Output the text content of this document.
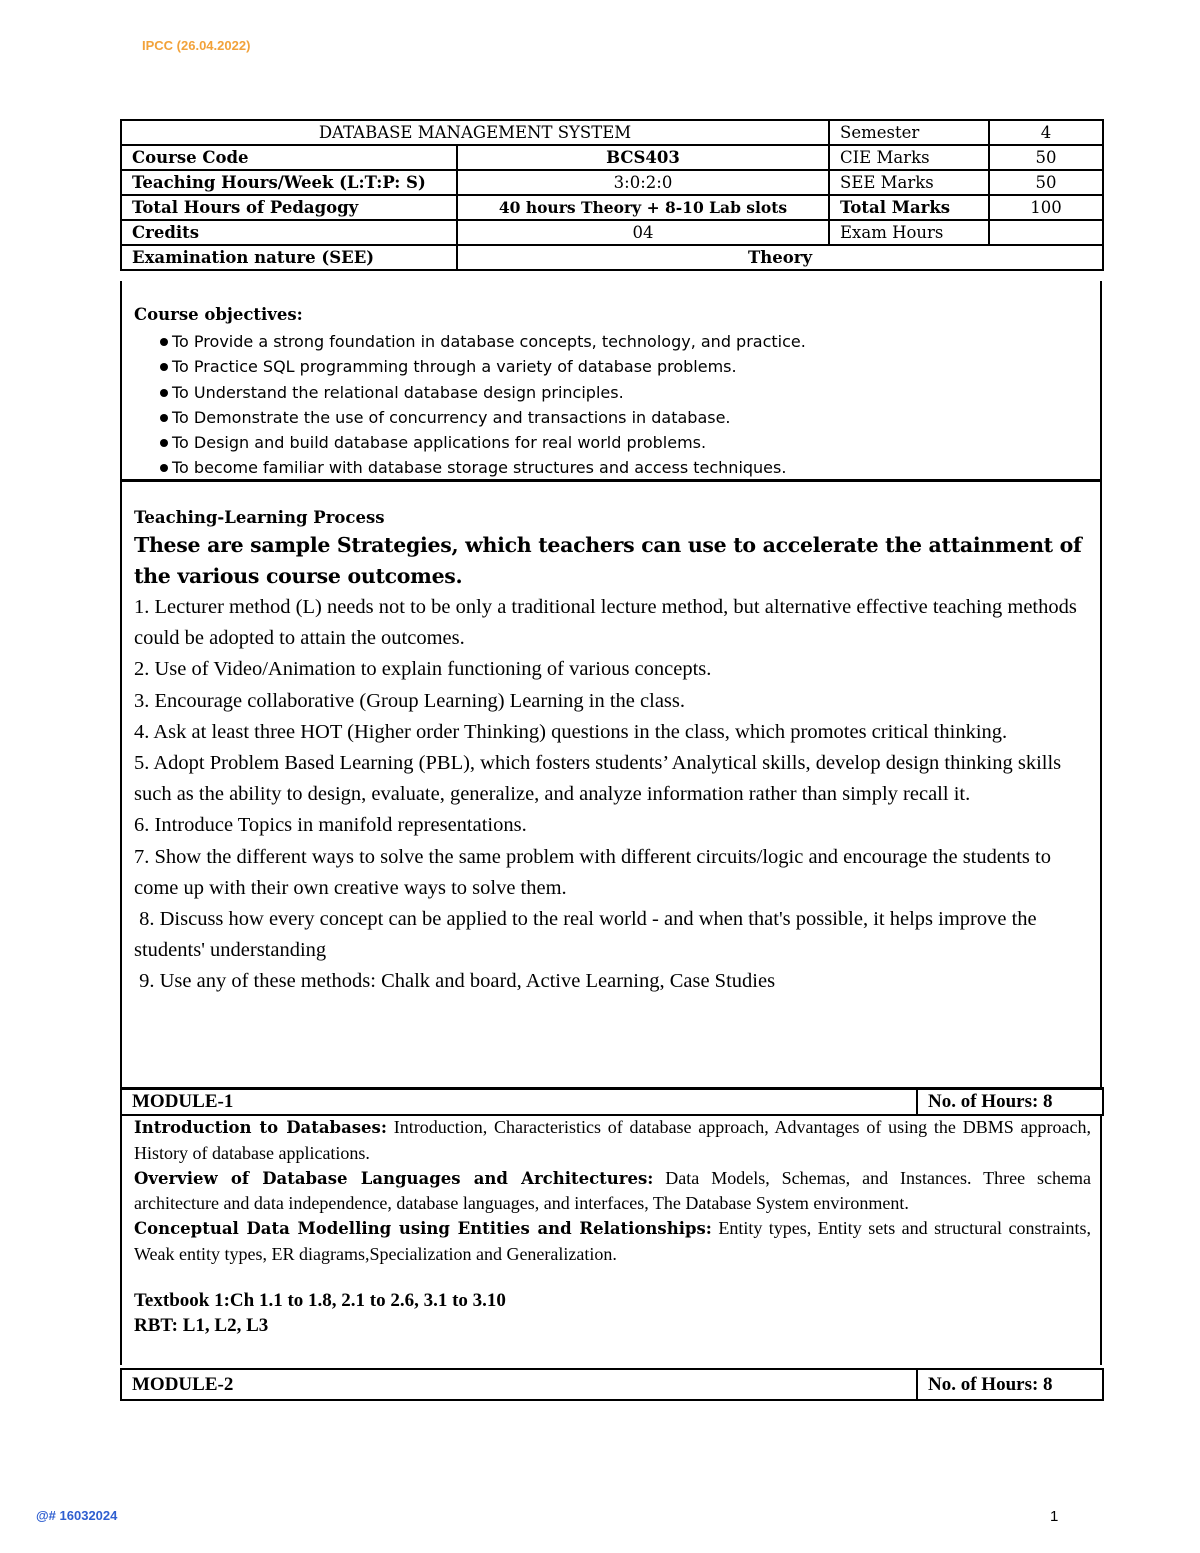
IPCC (26.04.2022)
DATABASE MANAGEMENT SYSTEM		Semester	4
Course Code	BCS403	CIE Marks	50
Teaching Hours/Week (L:T:P: S)	3:0:2:0	SEE Marks	50
Total Hours of Pedagogy	40 hours Theory + 8-10 Lab slots	Total Marks	100
Credits	04	Exam Hours	
Examination nature (SEE)	Theory		
Course objectives:
To Provide a strong foundation in database concepts, technology, and practice.
To Practice SQL programming through a variety of database problems.
To Understand the relational database design principles.
To Demonstrate the use of concurrency and transactions in database.
To Design and build database applications for real world problems.
To become familiar with database storage structures and access techniques.
Teaching-Learning Process
These are sample Strategies, which teachers can use to accelerate the attainment of the various course outcomes.
1. Lecturer method (L) needs not to be only a traditional lecture method, but alternative effective teaching methods could be adopted to attain the outcomes.
2. Use of Video/Animation to explain functioning of various concepts.
3. Encourage collaborative (Group Learning) Learning in the class.
4. Ask at least three HOT (Higher order Thinking) questions in the class, which promotes critical thinking.
5. Adopt Problem Based Learning (PBL), which fosters students’ Analytical skills, develop design thinking skills such as the ability to design, evaluate, generalize, and analyze information rather than simply recall it.
6. Introduce Topics in manifold representations.
7. Show the different ways to solve the same problem with different circuits/logic and encourage the students to come up with their own creative ways to solve them.
8. Discuss how every concept can be applied to the real world - and when that's possible, it helps improve the students' understanding
9. Use any of these methods: Chalk and board, Active Learning, Case Studies
MODULE-1	No. of Hours: 8
Introduction to Databases: Introduction, Characteristics of database approach, Advantages of using the DBMS approach, History of database applications.
Overview of Database Languages and Architectures: Data Models, Schemas, and Instances. Three schema architecture and data independence, database languages, and interfaces, The Database System environment.
Conceptual Data Modelling using Entities and Relationships: Entity types, Entity sets and structural constraints, Weak entity types, ER diagrams,Specialization and Generalization.
Textbook 1:Ch 1.1 to 1.8, 2.1 to 2.6, 3.1 to 3.10
RBT: L1, L2, L3
MODULE-2	No. of Hours: 8
@# 16032024	1
